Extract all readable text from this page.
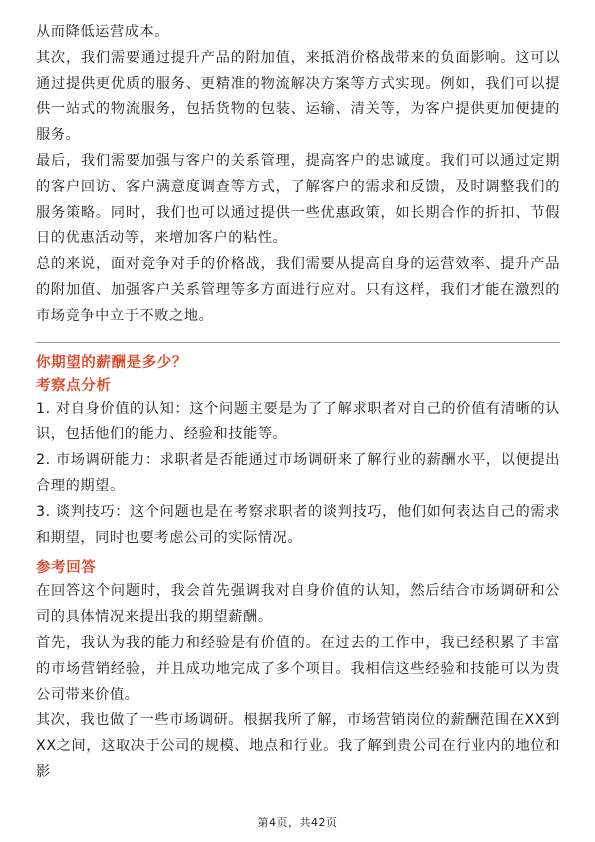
从而降低运营成本。

其次，我们需要通过提升产品的附加值，来抵消价格战带来的负面影响。这可以通过提供更优质的服务、更精准的物流解决方案等方式实现。例如，我们可以提供一站式的物流服务，包括货物的包装、运输、清关等，为客户提供更加便捷的服务。

最后，我们需要加强与客户的关系管理，提高客户的忠诚度。我们可以通过定期的客户回访、客户满意度调查等方式，了解客户的需求和反馈，及时调整我们的服务策略。同时，我们也可以通过提供一些优惠政策，如长期合作的折扣、节假日的优惠活动等，来增加客户的粘性。

总的来说，面对竞争对手的价格战，我们需要从提高自身的运营效率、提升产品的附加值、加强客户关系管理等多方面进行应对。只有这样，我们才能在激烈的市场竞争中立于不败之地。

你期望的薪酬是多少？

考察点分析

1. 对自身价值的认知：这个问题主要是为了了解求职者对自己的价值有清晰的认识，包括他们的能力、经验和技能等。

2. 市场调研能力：求职者是否能通过市场调研来了解行业的薪酬水平，以便提出合理的期望。

3. 谈判技巧：这个问题也是在考察求职者的谈判技巧，他们如何表达自己的需求和期望，同时也要考虑公司的实际情况。

参考回答

在回答这个问题时，我会首先强调我对自身价值的认知，然后结合市场调研和公司的具体情况来提出我的期望薪酬。

首先，我认为我的能力和经验是有价值的。在过去的工作中，我已经积累了丰富的市场营销经验，并且成功地完成了多个项目。我相信这些经验和技能可以为贵公司带来价值。

其次，我也做了一些市场调研。根据我所了解，市场营销岗位的薪酬范围在XX到XX之间，这取决于公司的规模、地点和行业。我了解到贵公司在行业内的地位和影

第4页，共42页
